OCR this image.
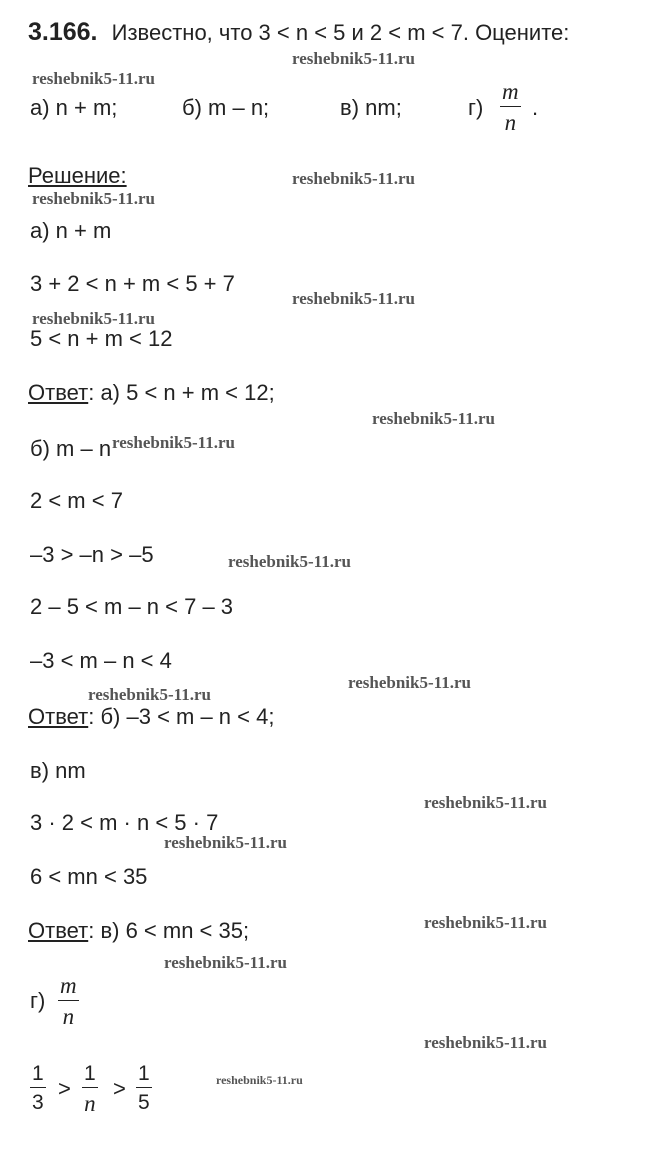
3.166. Известно, что 3 < n < 5 и 2 < m < 7. Оцените:
а) n + m;	б) m – n;	в) nm;	г)
m
n
.
Решение:
а) n + m
3 + 2 < n + m < 5 + 7
5 < n + m < 12
Ответ: а) 5 < n + m < 12;
б) m – n
2 < m < 7
–3 > –n > –5
2 – 5 < m – n < 7 – 3
–3 < m – n < 4
Ответ: б) –3 < m – n < 4;
в) nm
3 · 2 < m · n < 5 · 7
6 < mn < 35
Ответ: в) 6 < mn < 35;
г)
m
n
1
3
>
1
n
>
1
5
reshebnik5-11.ru
reshebnik5-11.ru
reshebnik5-11.ru
reshebnik5-11.ru
reshebnik5-11.ru
reshebnik5-11.ru
reshebnik5-11.ru
reshebnik5-11.ru
reshebnik5-11.ru
reshebnik5-11.ru
reshebnik5-11.ru
reshebnik5-11.ru
reshebnik5-11.ru
reshebnik5-11.ru
reshebnik5-11.ru
reshebnik5-11.ru
reshebnik5-11.ru
